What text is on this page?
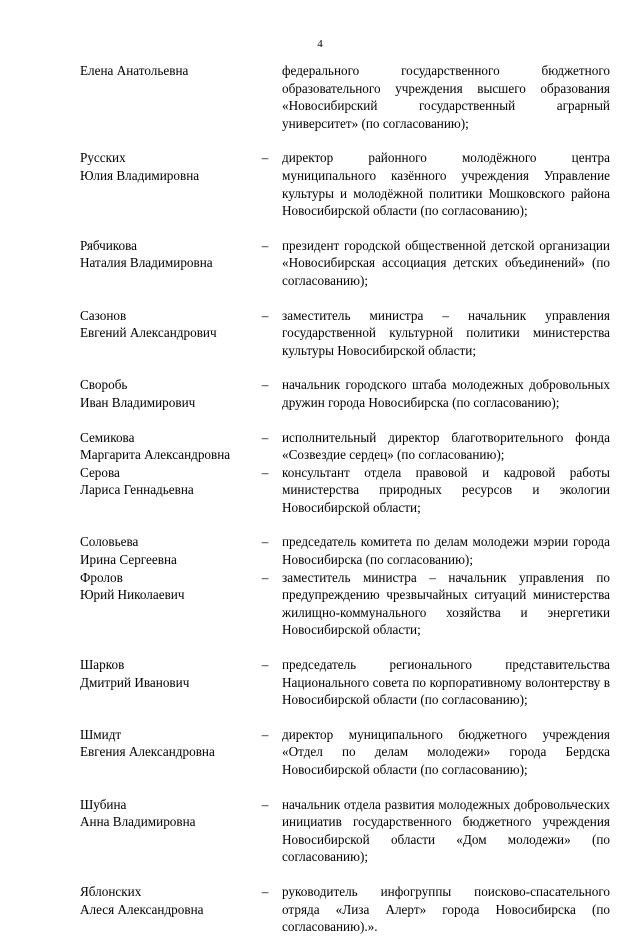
4
Елена Анатольевна	федерального государственного бюджетного образовательного учреждения высшего образования «Новосибирский государственный аграрный университет» (по согласованию);
Русских
Юлия Владимировна
– директор районного молодёжного центра муниципального казённого учреждения Управление культуры и молодёжной политики Мошковского района Новосибирской области (по согласованию);
Рябчикова
Наталия Владимировна
– президент городской общественной детской организации «Новосибирская ассоциация детских объединений» (по согласованию);
Сазонов
Евгений Александрович
– заместитель министра – начальник управления государственной культурной политики министерства культуры Новосибирской области;
Своробь
Иван Владимирович
– начальник городского штаба молодежных добровольных дружин города Новосибирска (по согласованию);
Семикова
Маргарита Александровна
– исполнительный директор благотворительного фонда «Созвездие сердец» (по согласованию);
Серова
Лариса Геннадьевна
– консультант отдела правовой и кадровой работы министерства природных ресурсов и экологии Новосибирской области;
Соловьева
Ирина Сергеевна
– председатель комитета по делам молодежи мэрии города Новосибирска (по согласованию);
Фролов
Юрий Николаевич
– заместитель министра – начальник управления по предупреждению чрезвычайных ситуаций министерства жилищно-коммунального хозяйства и энергетики Новосибирской области;
Шарков
Дмитрий Иванович
– председатель регионального представительства Национального совета по корпоративному волонтерству в Новосибирской области (по согласованию);
Шмидт
Евгения Александровна
– директор муниципального бюджетного учреждения «Отдел по делам молодежи» города Бердска Новосибирской области (по согласованию);
Шубина
Анна Владимировна
– начальник отдела развития молодежных добровольческих инициатив государственного бюджетного учреждения Новосибирской области «Дом молодежи» (по согласованию);
Яблонских
Алеся Александровна
– руководитель инфогруппы поисково-спасательного отряда «Лиза Алерт» города Новосибирска (по согласованию).».
